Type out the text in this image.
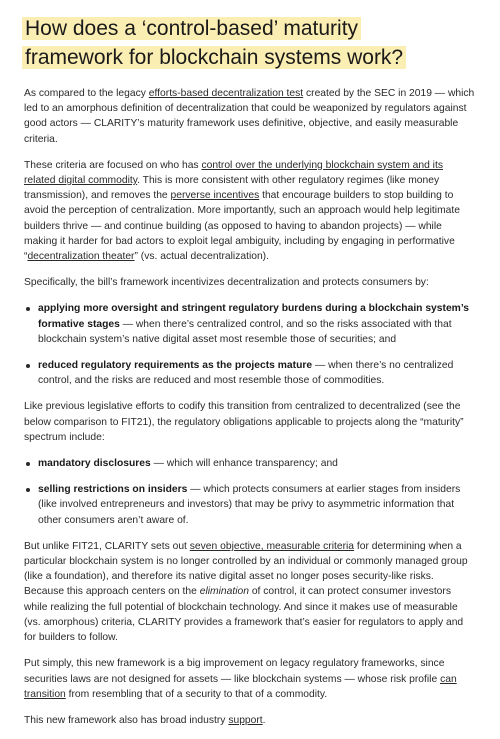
How does a ‘control-based’ maturity
framework for blockchain systems work?

As compared to the legacy efforts-based decentralization test created by the SEC in 2019 — which led to an amorphous definition of decentralization that could be weaponized by regulators against good actors — CLARITY’s maturity framework uses definitive, objective, and easily measurable criteria.

These criteria are focused on who has control over the underlying blockchain system and its related digital commodity. This is more consistent with other regulatory regimes (like money transmission), and removes the perverse incentives that encourage builders to stop building to avoid the perception of centralization. More importantly, such an approach would help legitimate builders thrive — and continue building (as opposed to having to abandon projects) — while making it harder for bad actors to exploit legal ambiguity, including by engaging in performative “decentralization theater” (vs. actual decentralization).

Specifically, the bill’s framework incentivizes decentralization and protects consumers by:

applying more oversight and stringent regulatory burdens during a blockchain system’s formative stages — when there’s centralized control, and so the risks associated with that blockchain system’s native digital asset most resemble those of securities; and
reduced regulatory requirements as the projects mature — when there’s no centralized control, and the risks are reduced and most resemble those of commodities.

Like previous legislative efforts to codify this transition from centralized to decentralized (see the below comparison to FIT21), the regulatory obligations applicable to projects along the “maturity” spectrum include:

mandatory disclosures — which will enhance transparency; and
selling restrictions on insiders — which protects consumers at earlier stages from insiders (like involved entrepreneurs and investors) that may be privy to asymmetric information that other consumers aren’t aware of.

But unlike FIT21, CLARITY sets out seven objective, measurable criteria for determining when a particular blockchain system is no longer controlled by an individual or commonly managed group (like a foundation), and therefore its native digital asset no longer poses security-like risks. Because this approach centers on the elimination of control, it can protect consumer investors while realizing the full potential of blockchain technology. And since it makes use of measurable (vs. amorphous) criteria, CLARITY provides a framework that’s easier for regulators to apply and for builders to follow.

Put simply, this new framework is a big improvement on legacy regulatory frameworks, since securities laws are not designed for assets — like blockchain systems — whose risk profile can transition from resembling that of a security to that of a commodity.

This new framework also has broad industry support.
